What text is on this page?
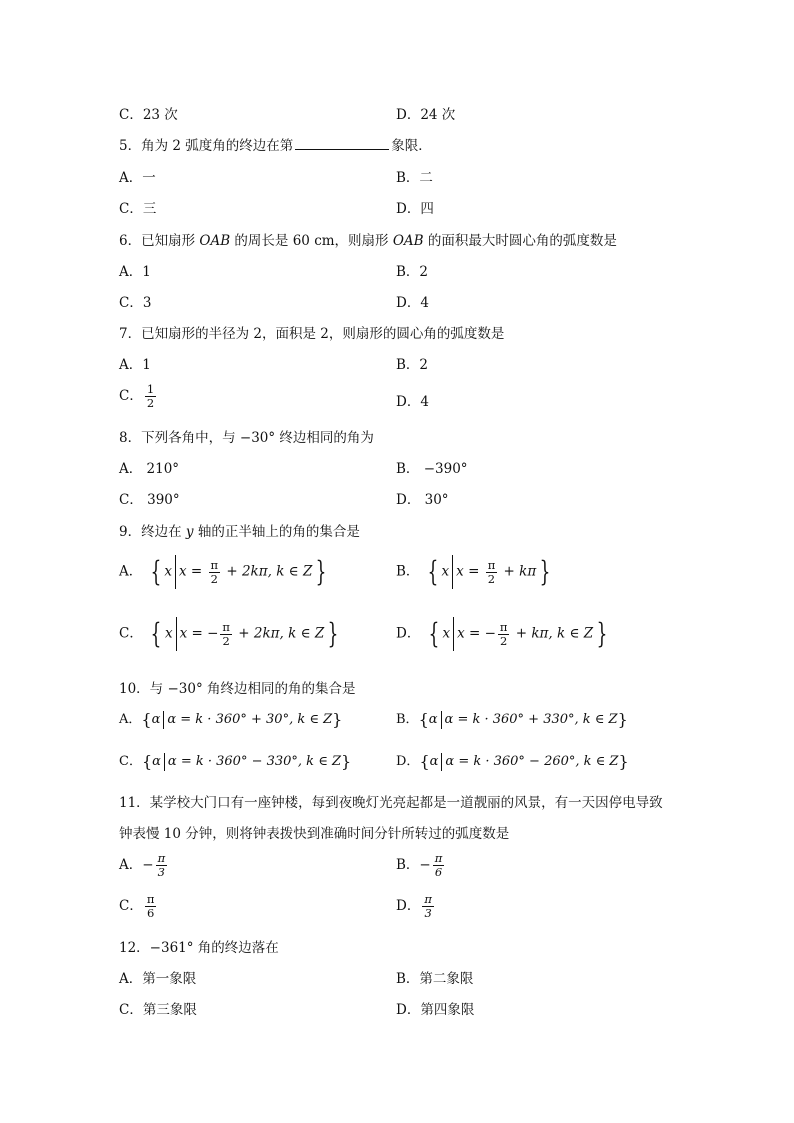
C．23 次	D．24 次
5．角为 2 弧度角的终边在第	象限．
A．一	B．二
C．三	D．四
6．已知扇形 OAB 的周长是 60 cm，则扇形 OAB 的面积最大时圆心角的弧度数是
A．1	B．2
C．3	D．4
7．已知扇形的半径为 2，面积是 2，则扇形的圆心角的弧度数是
A．1	B．2
C． $\frac{1}{2}$	D．4
8．下列各角中，与 −30° 终边相同的角为
A． 210°	B． −390°
C． 390°	D． 30°
9．终边在 y 轴的正半轴上的角的集合是
A． { x $x = \frac{\pi}{2} + 2k\pi$, k ∈ Z }	B． { x $x = \frac{\pi}{2} + k\pi$ }
C． { x x = − $\frac{\pi}{2} + 2k\pi$, k ∈ Z }	D． { x x = − $\frac{\pi}{2} + k\pi$, k ∈ Z }
10．与 −30° 角终边相同的角的集合是
A．{α α = k · 360° + 30°, k ∈ Z}	B．{α α = k · 360° + 330°, k ∈ Z}
C．{α α = k · 360° − 330°, k ∈ Z}	D．{α α = k · 360° − 260°, k ∈ Z}
11．某学校大门口有一座钟楼，每到夜晚灯光亮起都是一道靓丽的风景，有一天因停电导致
钟表慢 10 分钟，则将钟表拨快到准确时间分针所转过的弧度数是
A．− $\frac{\pi}{3}$	B．− $\frac{\pi}{6}$
C． $\frac{\pi}{6}$	D． $\frac{\pi}{3}$
12．−361° 角的终边落在
A．第一象限	B．第二象限
C．第三象限	D．第四象限
